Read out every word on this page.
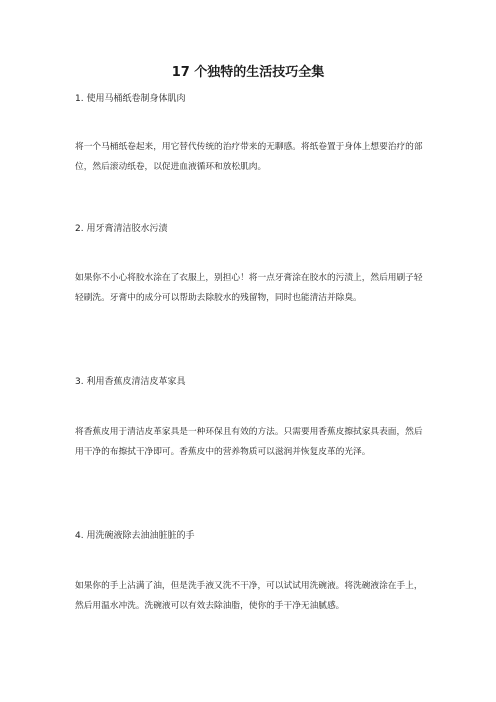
17 个独特的生活技巧全集
1. 使用马桶纸卷制身体肌肉
将一个马桶纸卷起来，用它替代传统的治疗带来的无聊感。将纸卷置于身体上想要治疗的部位，然后滚动纸卷，以促进血液循环和放松肌肉。
2. 用牙膏清洁胶水污渍
如果你不小心将胶水涂在了衣服上，别担心！将一点牙膏涂在胶水的污渍上，然后用刷子轻轻刷洗。牙膏中的成分可以帮助去除胶水的残留物，同时也能清洁并除臭。
3. 利用香蕉皮清洁皮革家具
将香蕉皮用于清洁皮革家具是一种环保且有效的方法。只需要用香蕉皮擦拭家具表面，然后用干净的布擦拭干净即可。香蕉皮中的营养物质可以滋润并恢复皮革的光泽。
4. 用洗碗液除去油油脏脏的手
如果你的手上沾满了油，但是洗手液又洗不干净，可以试试用洗碗液。将洗碗液涂在手上，然后用温水冲洗。洗碗液可以有效去除油脂，使你的手干净无油腻感。
